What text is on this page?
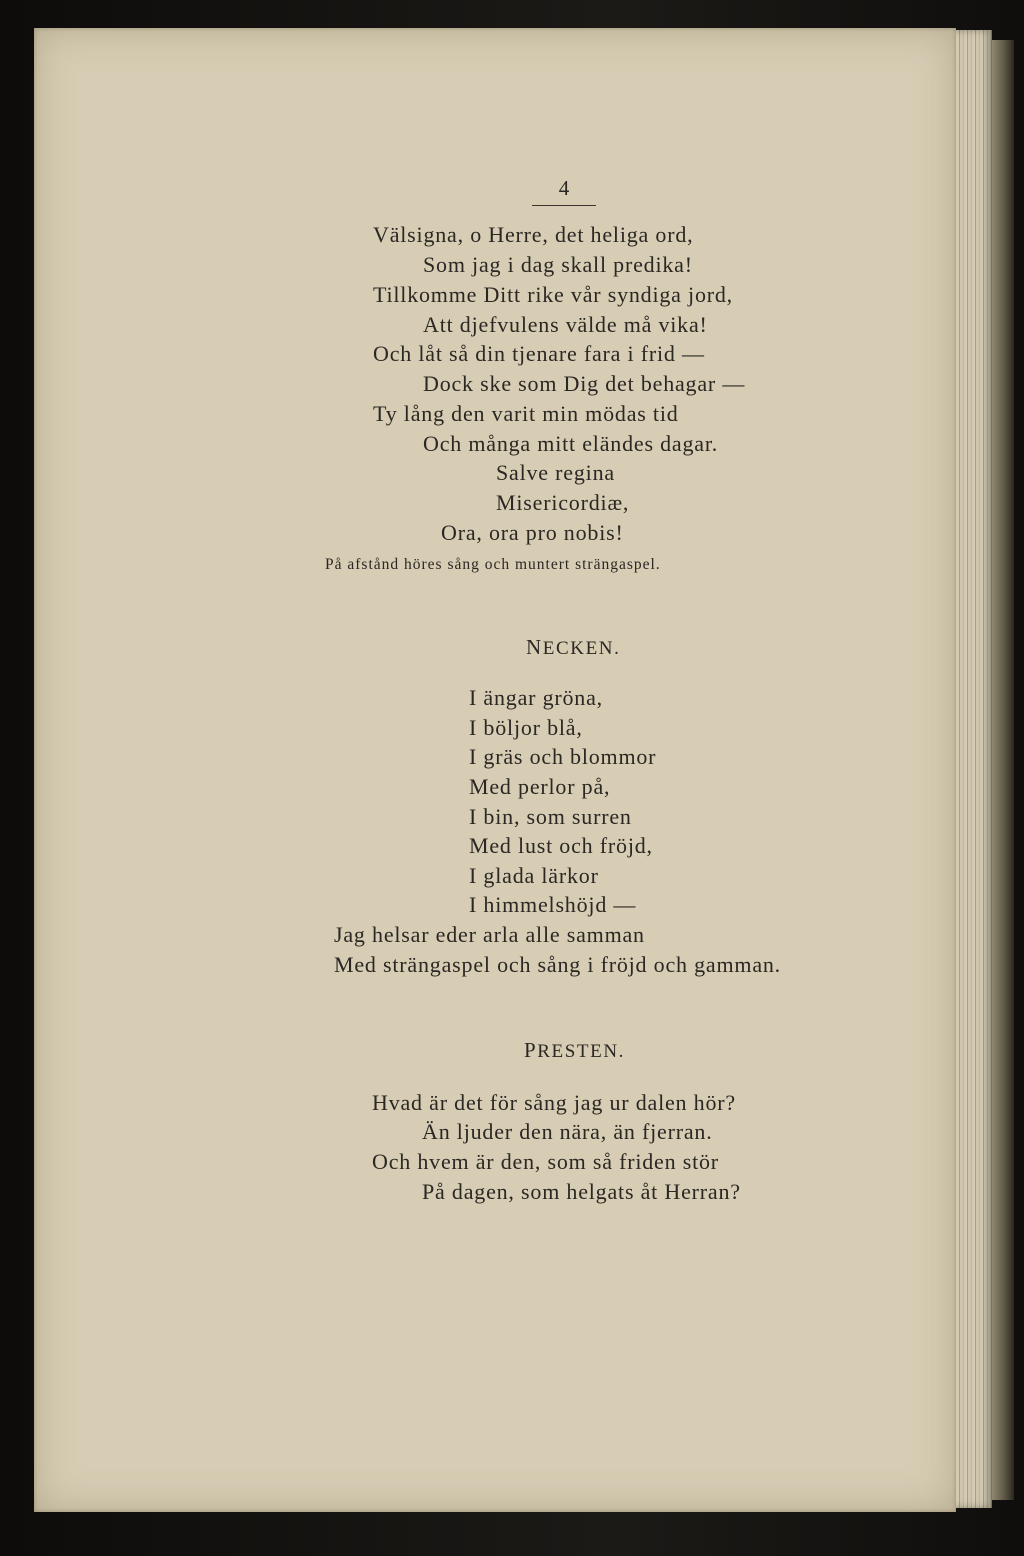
4
Välsigna, o Herre, det heliga ord,
Som jag i dag skall predika!
Tillkomme Ditt rike vår syndiga jord,
Att djefvulens välde må vika!
Och låt så din tjenare fara i frid —
Dock ske som Dig det behagar —
Ty lång den varit min mödas tid
Och många mitt eländes dagar.
Salve regina
Misericordiæ,
Ora, ora pro nobis!
På afstånd höres sång och muntert strängaspel.
NECKEN.
I ängar gröna,
I böljor blå,
I gräs och blommor
Med perlor på,
I bin, som surren
Med lust och fröjd,
I glada lärkor
I himmelshöjd —
Jag helsar eder arla alle samman
Med strängaspel och sång i fröjd och gamman.
PRESTEN.
Hvad är det för sång jag ur dalen hör?
Än ljuder den nära, än fjerran.
Och hvem är den, som så friden stör
På dagen, som helgats åt Herran?
